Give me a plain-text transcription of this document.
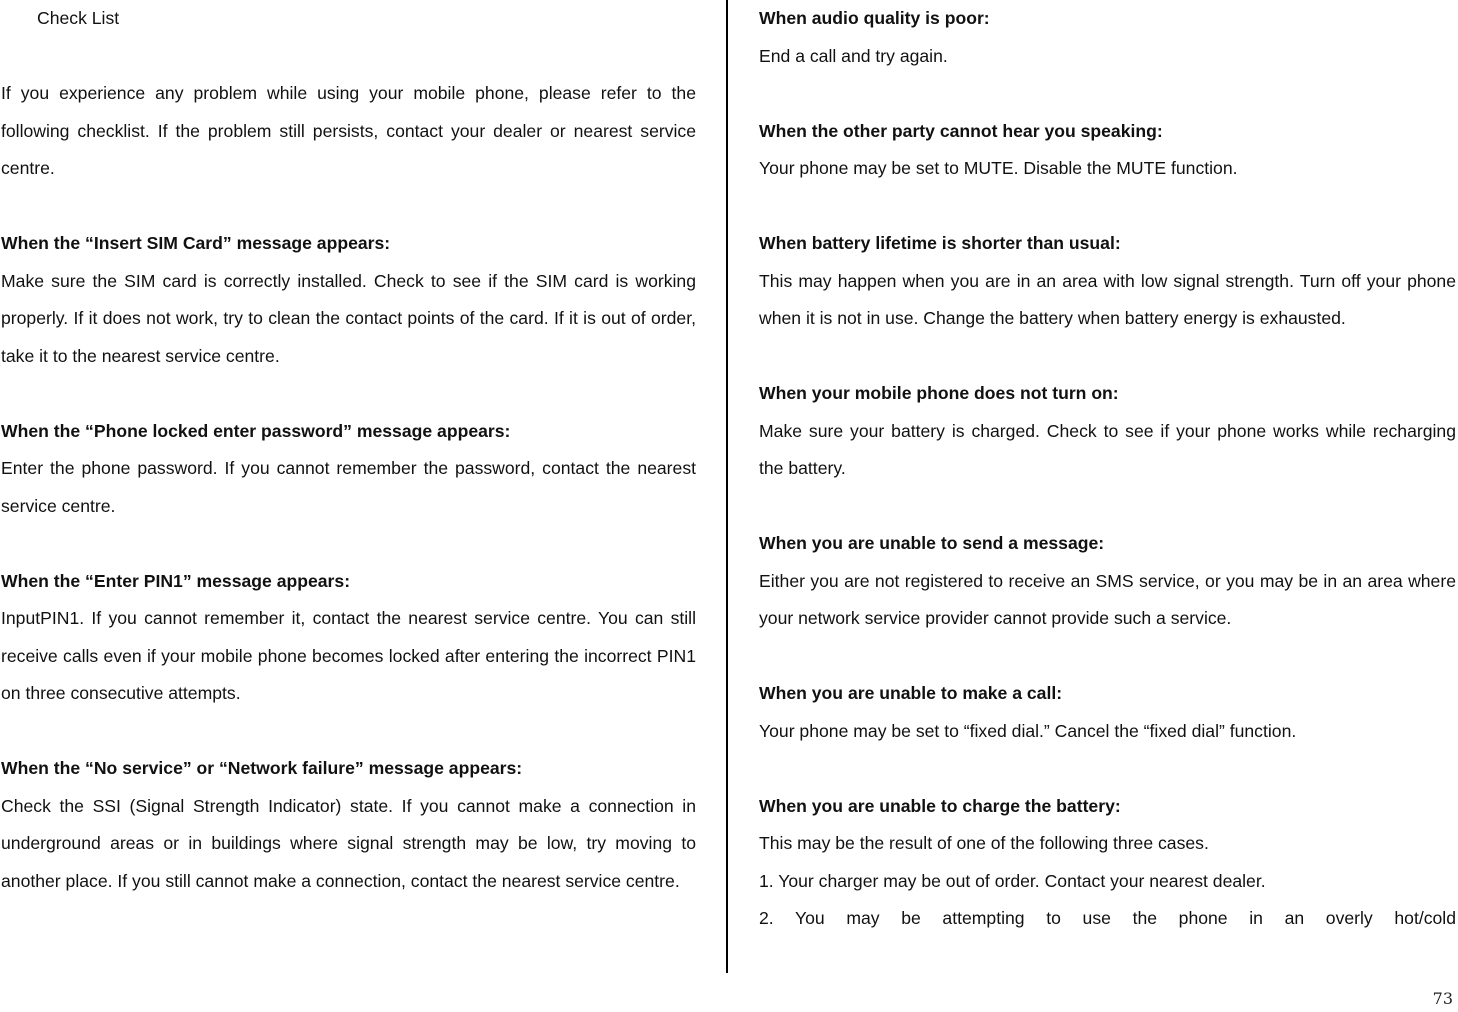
Check List

If you experience any problem while using your mobile phone, please refer to the following checklist. If the problem still persists, contact your dealer or nearest service centre.

When the “Insert SIM Card” message appears:

Make sure the SIM card is correctly installed. Check to see if the SIM card is working properly. If it does not work, try to clean the contact points of the card. If it is out of order, take it to the nearest service centre.

When the “Phone locked enter password” message appears:

Enter the phone password. If you cannot remember the password, contact the nearest service centre.

When the “Enter PIN1” message appears:

InputPIN1. If you cannot remember it, contact the nearest service centre. You can still receive calls even if your mobile phone becomes locked after entering the incorrect PIN1 on three consecutive attempts.

When the “No service” or “Network failure” message appears:

Check the SSI (Signal Strength Indicator) state. If you cannot make a connection in underground areas or in buildings where signal strength may be low, try moving to another place. If you still cannot make a connection, contact the nearest service centre.

When audio quality is poor:

End a call and try again.

When the other party cannot hear you speaking:

Your phone may be set to MUTE. Disable the MUTE function.

When battery lifetime is shorter than usual:

This may happen when you are in an area with low signal strength. Turn off your phone when it is not in use. Change the battery when battery energy is exhausted.

When your mobile phone does not turn on:

Make sure your battery is charged. Check to see if your phone works while recharging the battery.

When you are unable to send a message:

Either you are not registered to receive an SMS service, or you may be in an area where your network service provider cannot provide such a service.

When you are unable to make a call:

Your phone may be set to “fixed dial.” Cancel the “fixed dial” function.

When you are unable to charge the battery:

This may be the result of one of the following three cases.

1. Your charger may be out of order. Contact your nearest dealer.

2. You may be attempting to use the phone in an overly hot/cold

73
